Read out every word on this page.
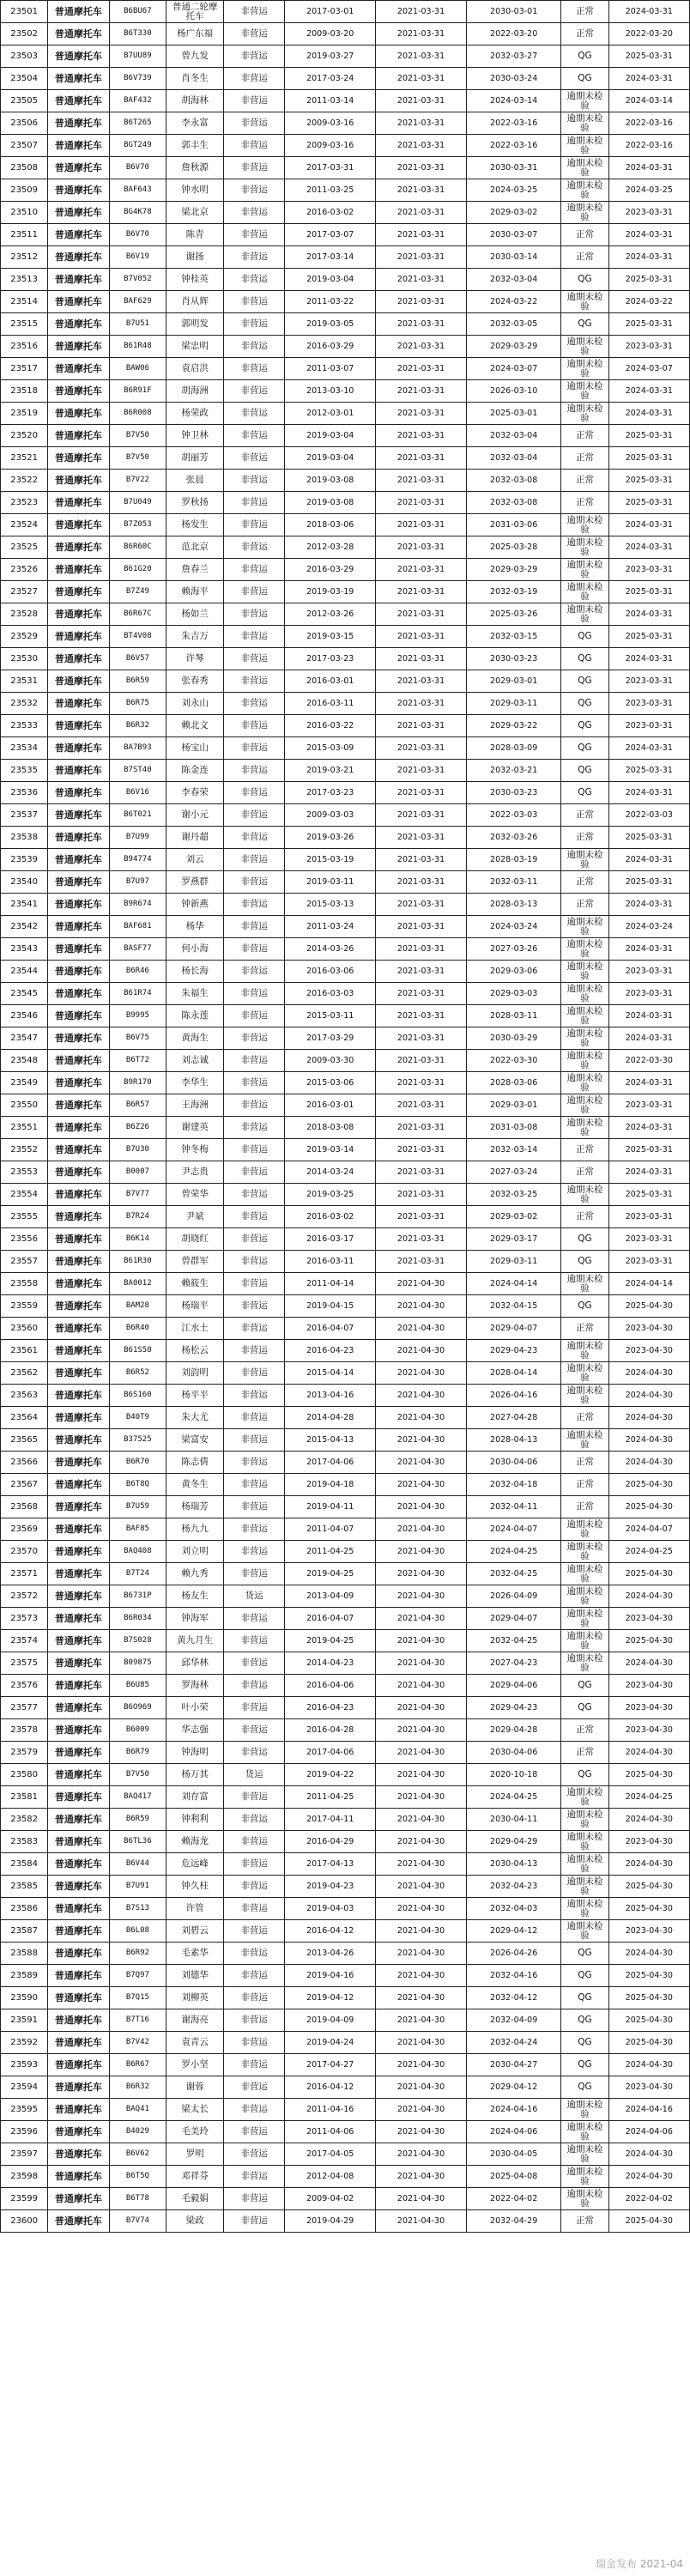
23501	普通摩托车	B6BU67	普通二轮摩托车	非营运	2017-03-01	2021-03-31	2030-03-01	正常	2024-03-31
23502	普通摩托车	B6T330	杨广东福	非营运	2009-03-20	2021-03-31	2022-03-20	正常	2022-03-20
23503	普通摩托车	B7UU89	曾九发	非营运	2019-03-27	2021-03-31	2032-03-27	QG	2025-03-31
23504	普通摩托车	B6V739	肖冬生	非营运	2017-03-24	2021-03-31	2030-03-24	QG	2024-03-31
23505	普通摩托车	BAF432	胡海林	非营运	2011-03-14	2021-03-31	2024-03-14	逾期未检验	2024-03-14
23506	普通摩托车	B6T265	李永富	非营运	2009-03-16	2021-03-31	2022-03-16	逾期未检验	2022-03-16
23507	普通摩托车	BGT249	郭丰生	非营运	2009-03-16	2021-03-31	2022-03-16	逾期未检验	2022-03-16
23508	普通摩托车	B6V70	詹秋源	非营运	2017-03-31	2021-03-31	2030-03-31	逾期未检验	2024-03-31
23509	普通摩托车	BAF643	钟水明	非营运	2011-03-25	2021-03-31	2024-03-25	逾期未检验	2024-03-25
23510	普通摩托车	BG4K78	梁北京	非营运	2016-03-02	2021-03-31	2029-03-02	逾期未检验	2023-03-31
23511	普通摩托车	B6V70	陈青	非营运	2017-03-07	2021-03-31	2030-03-07	正常	2024-03-31
23512	普通摩托车	B6V19	谢扬	非营运	2017-03-14	2021-03-31	2030-03-14	正常	2024-03-31
23513	普通摩托车	B7V052	钟桂英	非营运	2019-03-04	2021-03-31	2032-03-04	QG	2025-03-31
23514	普通摩托车	BAF629	肖从辉	非营运	2011-03-22	2021-03-31	2024-03-22	逾期未检验	2024-03-22
23515	普通摩托车	B7U51	郭明发	非营运	2019-03-05	2021-03-31	2032-03-05	QG	2025-03-31
23516	普通摩托车	B61R48	梁忠明	非营运	2016-03-29	2021-03-31	2029-03-29	逾期未检验	2023-03-31
23517	普通摩托车	BAW06	袁启洪	非营运	2011-03-07	2021-03-31	2024-03-07	逾期未检验	2024-03-07
23518	普通摩托车	B6R91F	胡海洲	非营运	2013-03-10	2021-03-31	2026-03-10	逾期未检验	2024-03-31
23519	普通摩托车	B6R008	杨荣政	非营运	2012-03-01	2021-03-31	2025-03-01	逾期未检验	2024-03-31
23520	普通摩托车	B7V50	钟卫林	非营运	2019-03-04	2021-03-31	2032-03-04	正常	2025-03-31
23521	普通摩托车	B7V50	胡丽芳	非营运	2019-03-04	2021-03-31	2032-03-04	正常	2025-03-31
23522	普通摩托车	B7V22	张晨	非营运	2019-03-08	2021-03-31	2032-03-08	正常	2025-03-31
23523	普通摩托车	B7U049	罗秋扬	非营运	2019-03-08	2021-03-31	2032-03-08	正常	2025-03-31
23524	普通摩托车	B7Z053	杨发生	非营运	2018-03-06	2021-03-31	2031-03-06	逾期未检验	2024-03-31
23525	普通摩托车	B6R60C	范北京	非营运	2012-03-28	2021-03-31	2025-03-28	逾期未检验	2024-03-31
23526	普通摩托车	B61G20	詹春兰	非营运	2016-03-29	2021-03-31	2029-03-29	逾期未检验	2023-03-31
23527	普通摩托车	B7Z49	赖海平	非营运	2019-03-19	2021-03-31	2032-03-19	逾期未检验	2025-03-31
23528	普通摩托车	B6R67C	杨如兰	非营运	2012-03-26	2021-03-31	2025-03-26	逾期未检验	2024-03-31
23529	普通摩托车	BT4V08	朱吉万	非营运	2019-03-15	2021-03-31	2032-03-15	QG	2025-03-31
23530	普通摩托车	B6V57	许琴	非营运	2017-03-23	2021-03-31	2030-03-23	QG	2024-03-31
23531	普通摩托车	B6R59	张春秀	非营运	2016-03-01	2021-03-31	2029-03-01	QG	2023-03-31
23532	普通摩托车	B6R75	刘永山	非营运	2016-03-11	2021-03-31	2029-03-11	QG	2023-03-31
23533	普通摩托车	B6R32	赖北文	非营运	2016-03-22	2021-03-31	2029-03-22	QG	2023-03-31
23534	普通摩托车	BA7B93	杨宝山	非营运	2015-03-09	2021-03-31	2028-03-09	QG	2024-03-31
23535	普通摩托车	B7ST40	陈金连	非营运	2019-03-21	2021-03-31	2032-03-21	QG	2025-03-31
23536	普通摩托车	B6V16	李春荣	非营运	2017-03-23	2021-03-31	2030-03-23	QG	2024-03-31
23537	普通摩托车	B6T021	谢小元	非营运	2009-03-03	2021-03-31	2022-03-03	正常	2022-03-03
23538	普通摩托车	B7U99	谢丹超	非营运	2019-03-26	2021-03-31	2032-03-26	正常	2025-03-31
23539	普通摩托车	B94774	刘云	非营运	2015-03-19	2021-03-31	2028-03-19	逾期未检验	2024-03-31
23540	普通摩托车	B7U97	罗燕群	非营运	2019-03-11	2021-03-31	2032-03-11	正常	2025-03-31
23541	普通摩托车	B9R674	钟新燕	非营运	2015-03-13	2021-03-31	2028-03-13	正常	2024-03-31
23542	普通摩托车	BAF681	杨华	非营运	2011-03-24	2021-03-31	2024-03-24	逾期未检验	2024-03-24
23543	普通摩托车	BASF77	何小海	非营运	2014-03-26	2021-03-31	2027-03-26	逾期未检验	2024-03-31
23544	普通摩托车	B6R46	杨长海	非营运	2016-03-06	2021-03-31	2029-03-06	逾期未检验	2023-03-31
23545	普通摩托车	B61R74	朱福生	非营运	2016-03-03	2021-03-31	2029-03-03	逾期未检验	2023-03-31
23546	普通摩托车	B9995	陈永莲	非营运	2015-03-11	2021-03-31	2028-03-11	逾期未检验	2024-03-31
23547	普通摩托车	B6V75	黄海生	非营运	2017-03-29	2021-03-31	2030-03-29	逾期未检验	2024-03-31
23548	普通摩托车	B6T72	刘志诚	非营运	2009-03-30	2021-03-31	2022-03-30	逾期未检验	2022-03-30
23549	普通摩托车	B9R170	李华生	非营运	2015-03-06	2021-03-31	2028-03-06	逾期未检验	2024-03-31
23550	普通摩托车	B6R57	王海洲	非营运	2016-03-01	2021-03-31	2029-03-01	逾期未检验	2023-03-31
23551	普通摩托车	B6Z26	谢建英	非营运	2018-03-08	2021-03-31	2031-03-08	逾期未检验	2024-03-31
23552	普通摩托车	B7U30	钟冬梅	非营运	2019-03-14	2021-03-31	2032-03-14	正常	2025-03-31
23553	普通摩托车	B0007	尹志贵	非营运	2014-03-24	2021-03-31	2027-03-24	正常	2024-03-31
23554	普通摩托车	B7V77	曾荣华	非营运	2019-03-25	2021-03-31	2032-03-25	逾期未检验	2025-03-31
23555	普通摩托车	B7R24	尹斌	非营运	2016-03-02	2021-03-31	2029-03-02	正常	2023-03-31
23556	普通摩托车	B6K14	胡晓红	非营运	2016-03-17	2021-03-31	2029-03-17	QG	2023-03-31
23557	普通摩托车	B61R30	曾群军	非营运	2016-03-11	2021-03-31	2029-03-11	QG	2023-03-31
23558	普通摩托车	BA0012	赖筱生	非营运	2011-04-14	2021-04-30	2024-04-14	逾期未检验	2024-04-14
23559	普通摩托车	BAM28	杨瑞平	非营运	2019-04-15	2021-04-30	2032-04-15	QG	2025-04-30
23560	普通摩托车	B6R40	江水土	非营运	2016-04-07	2021-04-30	2029-04-07	正常	2023-04-30
23561	普通摩托车	B61S50	杨松云	非营运	2016-04-23	2021-04-30	2029-04-23	逾期未检验	2023-04-30
23562	普通摩托车	B6R52	刘韵明	非营运	2015-04-14	2021-04-30	2028-04-14	逾期未检验	2024-04-30
23563	普通摩托车	B6S160	杨平平	非营运	2013-04-16	2021-04-30	2026-04-16	逾期未检验	2024-04-30
23564	普通摩托车	B40T9	朱大尤	非营运	2014-04-28	2021-04-30	2027-04-28	正常	2024-04-30
23565	普通摩托车	B37525	梁富安	非营运	2015-04-13	2021-04-30	2028-04-13	逾期未检验	2024-04-30
23566	普通摩托车	B6R70	陈志倩	非营运	2017-04-06	2021-04-30	2030-04-06	正常	2024-04-30
23567	普通摩托车	B6T8Q	黄冬生	非营运	2019-04-18	2021-04-30	2032-04-18	正常	2025-04-30
23568	普通摩托车	B7U59	杨瑞芳	非营运	2019-04-11	2021-04-30	2032-04-11	正常	2025-04-30
23569	普通摩托车	BAF85	杨九九	非营运	2011-04-07	2021-04-30	2024-04-07	逾期未检验	2024-04-07
23570	普通摩托车	BAQ408	刘立明	非营运	2011-04-25	2021-04-30	2024-04-25	逾期未检验	2024-04-25
23571	普通摩托车	B7T24	赖九秀	非营运	2019-04-25	2021-04-30	2032-04-25	逾期未检验	2025-04-30
23572	普通摩托车	B6731P	杨友生	货运	2013-04-09	2021-04-30	2026-04-09	逾期未检验	2024-04-30
23573	普通摩托车	B6R034	钟海军	非营运	2016-04-07	2021-04-30	2029-04-07	逾期未检验	2023-04-30
23574	普通摩托车	B7S028	黄九月生	非营运	2019-04-25	2021-04-30	2032-04-25	逾期未检验	2025-04-30
23575	普通摩托车	B09875	邱华林	非营运	2014-04-23	2021-04-30	2027-04-23	逾期未检验	2024-04-30
23576	普通摩托车	B6U85	罗海林	非营运	2016-04-06	2021-04-30	2029-04-06	QG	2023-04-30
23577	普通摩托车	B6O969	叶小荣	非营运	2016-04-23	2021-04-30	2029-04-23	QG	2023-04-30
23578	普通摩托车	B6009	华志强	非营运	2016-04-28	2021-04-30	2029-04-28	正常	2023-04-30
23579	普通摩托车	B6R79	钟海明	非营运	2017-04-06	2021-04-30	2030-04-06	正常	2024-04-30
23580	普通摩托车	B7V50	杨万其	货运	2019-04-22	2021-04-30	2020-10-18	QG	2025-04-30
23581	普通摩托车	BAQ417	刘存富	非营运	2011-04-25	2021-04-30	2024-04-25	逾期未检验	2024-04-25
23582	普通摩托车	B6R59	钟利利	非营运	2017-04-11	2021-04-30	2030-04-11	逾期未检验	2024-04-30
23583	普通摩托车	B6TL36	赖海龙	非营运	2016-04-29	2021-04-30	2029-04-29	逾期未检验	2023-04-30
23584	普通摩托车	B6V44	危远峰	非营运	2017-04-13	2021-04-30	2030-04-13	逾期未检验	2024-04-30
23585	普通摩托车	B7U91	钟久柱	非营运	2019-04-23	2021-04-30	2032-04-23	逾期未检验	2025-04-30
23586	普通摩托车	B7S13	许管	非营运	2019-04-03	2021-04-30	2032-04-03	逾期未检验	2025-04-30
23587	普通摩托车	B6L08	刘碧云	非营运	2016-04-12	2021-04-30	2029-04-12	逾期未检验	2023-04-30
23588	普通摩托车	B6R92	毛素华	非营运	2013-04-26	2021-04-30	2026-04-26	QG	2024-04-30
23589	普通摩托车	B7Q97	刘德华	非营运	2019-04-16	2021-04-30	2032-04-16	QG	2025-04-30
23590	普通摩托车	B7Q15	刘柳英	非营运	2019-04-12	2021-04-30	2032-04-12	QG	2025-04-30
23591	普通摩托车	B7T16	谢海亮	非营运	2019-04-09	2021-04-30	2032-04-09	QG	2025-04-30
23592	普通摩托车	B7V42	袁青云	非营运	2019-04-24	2021-04-30	2032-04-24	QG	2025-04-30
23593	普通摩托车	B6R67	罗小坚	非营运	2017-04-27	2021-04-30	2030-04-27	QG	2024-04-30
23594	普通摩托车	B6R32	谢蓉	非营运	2016-04-12	2021-04-30	2029-04-12	QG	2023-04-30
23595	普通摩托车	BAQ41	梁太长	非营运	2011-04-16	2021-04-30	2024-04-16	逾期未检验	2024-04-16
23596	普通摩托车	B4029	毛美玲	非营运	2011-04-06	2021-04-30	2024-04-06	逾期未检验	2024-04-06
23597	普通摩托车	B6V62	罗明	非营运	2017-04-05	2021-04-30	2030-04-05	逾期未检验	2024-04-30
23598	普通摩托车	B6T5Q	邓祥芬	非营运	2012-04-08	2021-04-30	2025-04-08	逾期未检验	2024-04-30
23599	普通摩托车	B6T78	毛毅娟	非营运	2009-04-02	2021-04-30	2022-04-02	逾期未检验	2022-04-02
23600	普通摩托车	B7V74	梁政	非营运	2019-04-29	2021-04-30	2032-04-29	正常	2025-04-30
瑞金发布 2021-04
